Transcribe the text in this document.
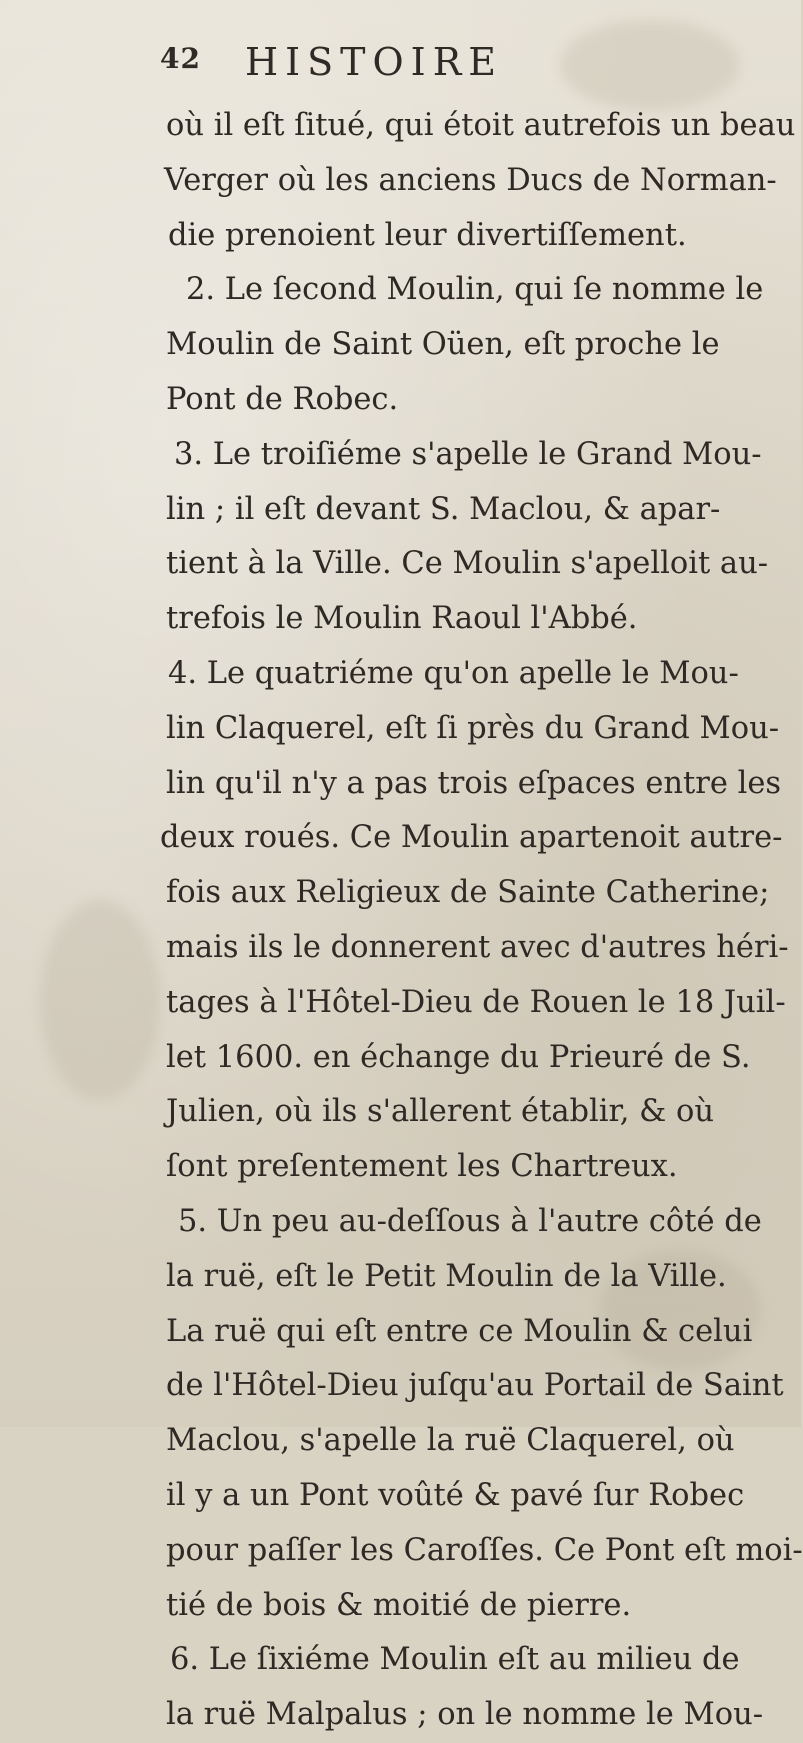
42 HISTOIRE
où il eſt ſitué, qui étoit autrefois un beau
Verger où les anciens Ducs de Norman-
die prenoient leur divertiſſement.
2. Le ſecond Moulin, qui ſe nomme le
Moulin de Saint Oüen, eſt proche le
Pont de Robec.
3. Le troiſiéme s'apelle le Grand Mou-
lin ; il eſt devant S. Maclou, & apar-
tient à la Ville. Ce Moulin s'apelloit au-
trefois le Moulin Raoul l'Abbé.
4. Le quatriéme qu'on apelle le Mou-
lin Claquerel, eſt ſi près du Grand Mou-
lin qu'il n'y a pas trois eſpaces entre les
deux roués. Ce Moulin apartenoit autre-
fois aux Religieux de Sainte Catherine;
mais ils le donnerent avec d'autres héri-
tages à l'Hôtel-Dieu de Rouen le 18 Juil-
let 1600. en échange du Prieuré de S.
Julien, où ils s'allerent établir, & où
ſont preſentement les Chartreux.
5. Un peu au-deſſous à l'autre côté de
la ruë, eſt le Petit Moulin de la Ville.
La ruë qui eſt entre ce Moulin & celui
de l'Hôtel-Dieu juſqu'au Portail de Saint
Maclou, s'apelle la ruë Claquerel, où
il y a un Pont voûté & pavé ſur Robec
pour paſſer les Caroſſes. Ce Pont eſt moi-
tié de bois & moitié de pierre.
6. Le ſixiéme Moulin eſt au milieu de
la ruë Malpalus ; on le nomme le Mou-
